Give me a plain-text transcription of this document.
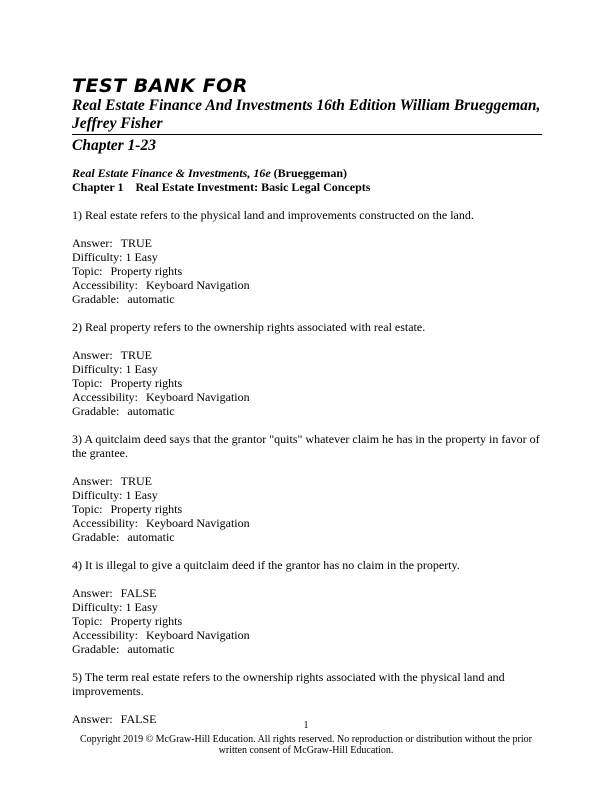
TEST BANK FOR
Real Estate Finance And Investments 16th Edition William Brueggeman, Jeffrey Fisher
Chapter 1-23
Real Estate Finance & Investments, 16e (Brueggeman)
Chapter 1 Real Estate Investment: Basic Legal Concepts
1) Real estate refers to the physical land and improvements constructed on the land.
Answer: TRUE
Difficulty: 1 Easy
Topic: Property rights
Accessibility: Keyboard Navigation
Gradable: automatic
2) Real property refers to the ownership rights associated with real estate.
Answer: TRUE
Difficulty: 1 Easy
Topic: Property rights
Accessibility: Keyboard Navigation
Gradable: automatic
3) A quitclaim deed says that the grantor "quits" whatever claim he has in the property in favor of the grantee.
Answer: TRUE
Difficulty: 1 Easy
Topic: Property rights
Accessibility: Keyboard Navigation
Gradable: automatic
4) It is illegal to give a quitclaim deed if the grantor has no claim in the property.
Answer: FALSE
Difficulty: 1 Easy
Topic: Property rights
Accessibility: Keyboard Navigation
Gradable: automatic
5) The term real estate refers to the ownership rights associated with the physical land and improvements.
Answer: FALSE	1
Copyright 2019 © McGraw-Hill Education. All rights reserved. No reproduction or distribution without the prior written consent of McGraw-Hill Education.
